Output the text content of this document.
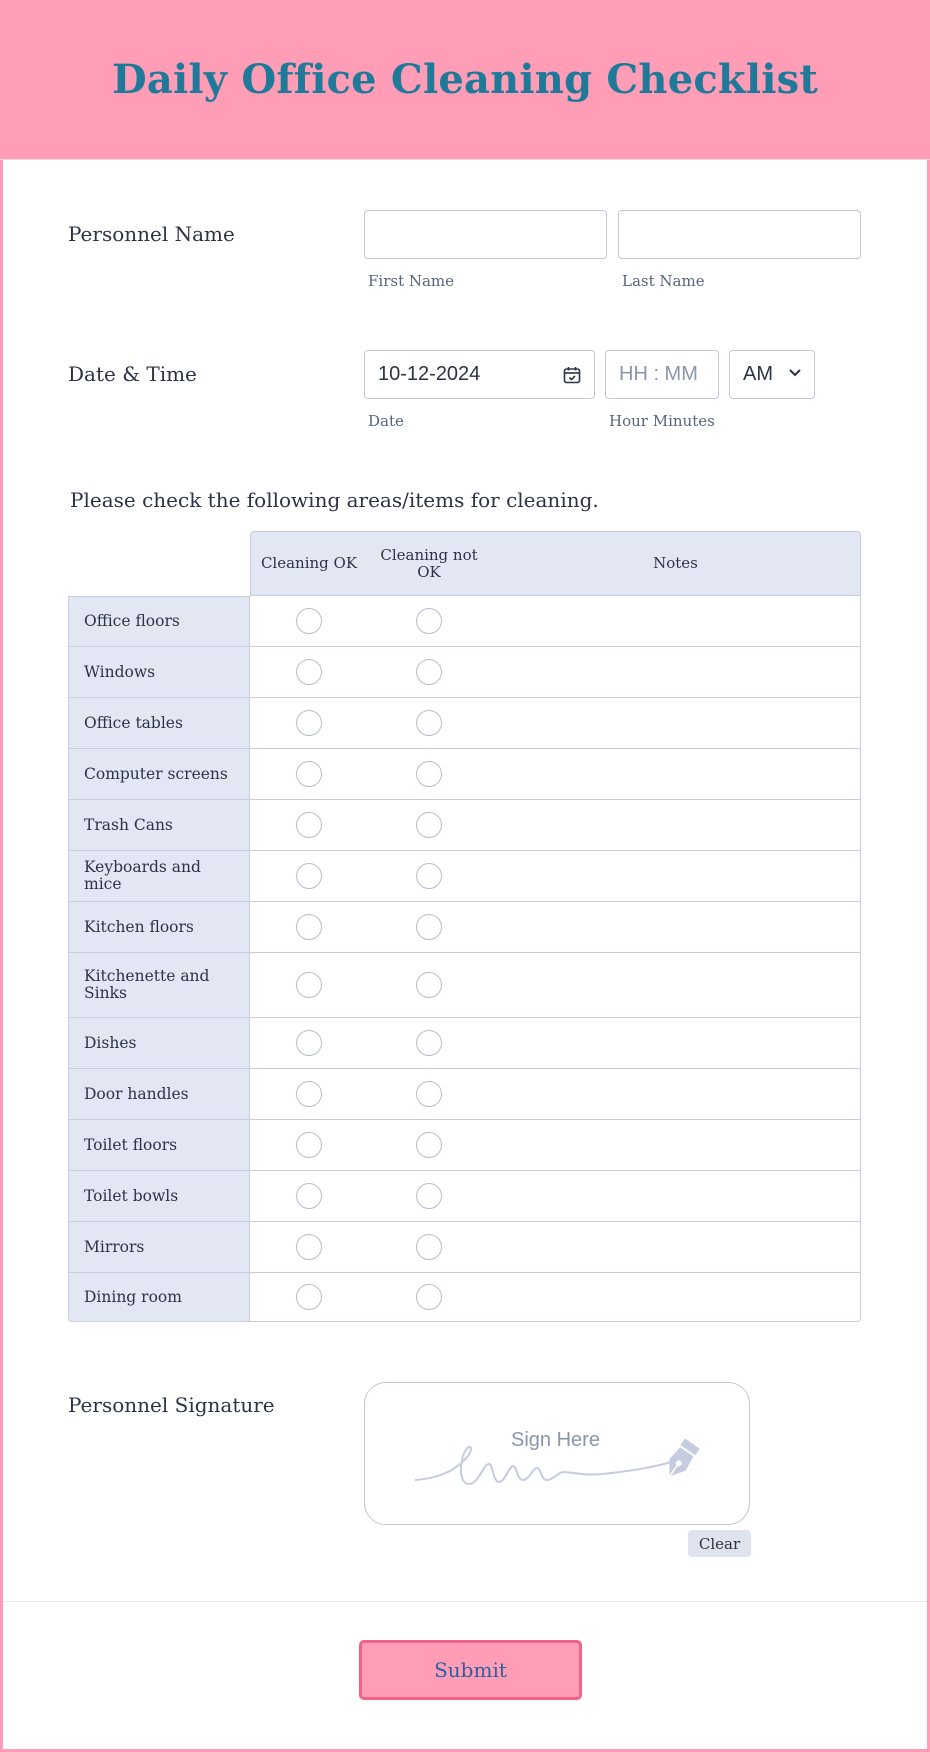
Daily Office Cleaning Checklist
Personnel Name
First Name	Last Name
Date & Time	10-12-2024	HH : MM AM
Date	Hour Minutes
Please check the following areas/items for cleaning.
Cleaning OK	Cleaning not OK	Notes
Office floors
Windows
Office tables
Computer screens
Trash Cans
Keyboards and mice
Kitchen floors
Kitchenette and Sinks
Dishes
Door handles
Toilet floors
Toilet bowls
Mirrors
Dining room
Personnel Signature
Sign Here
Clear
Submit
